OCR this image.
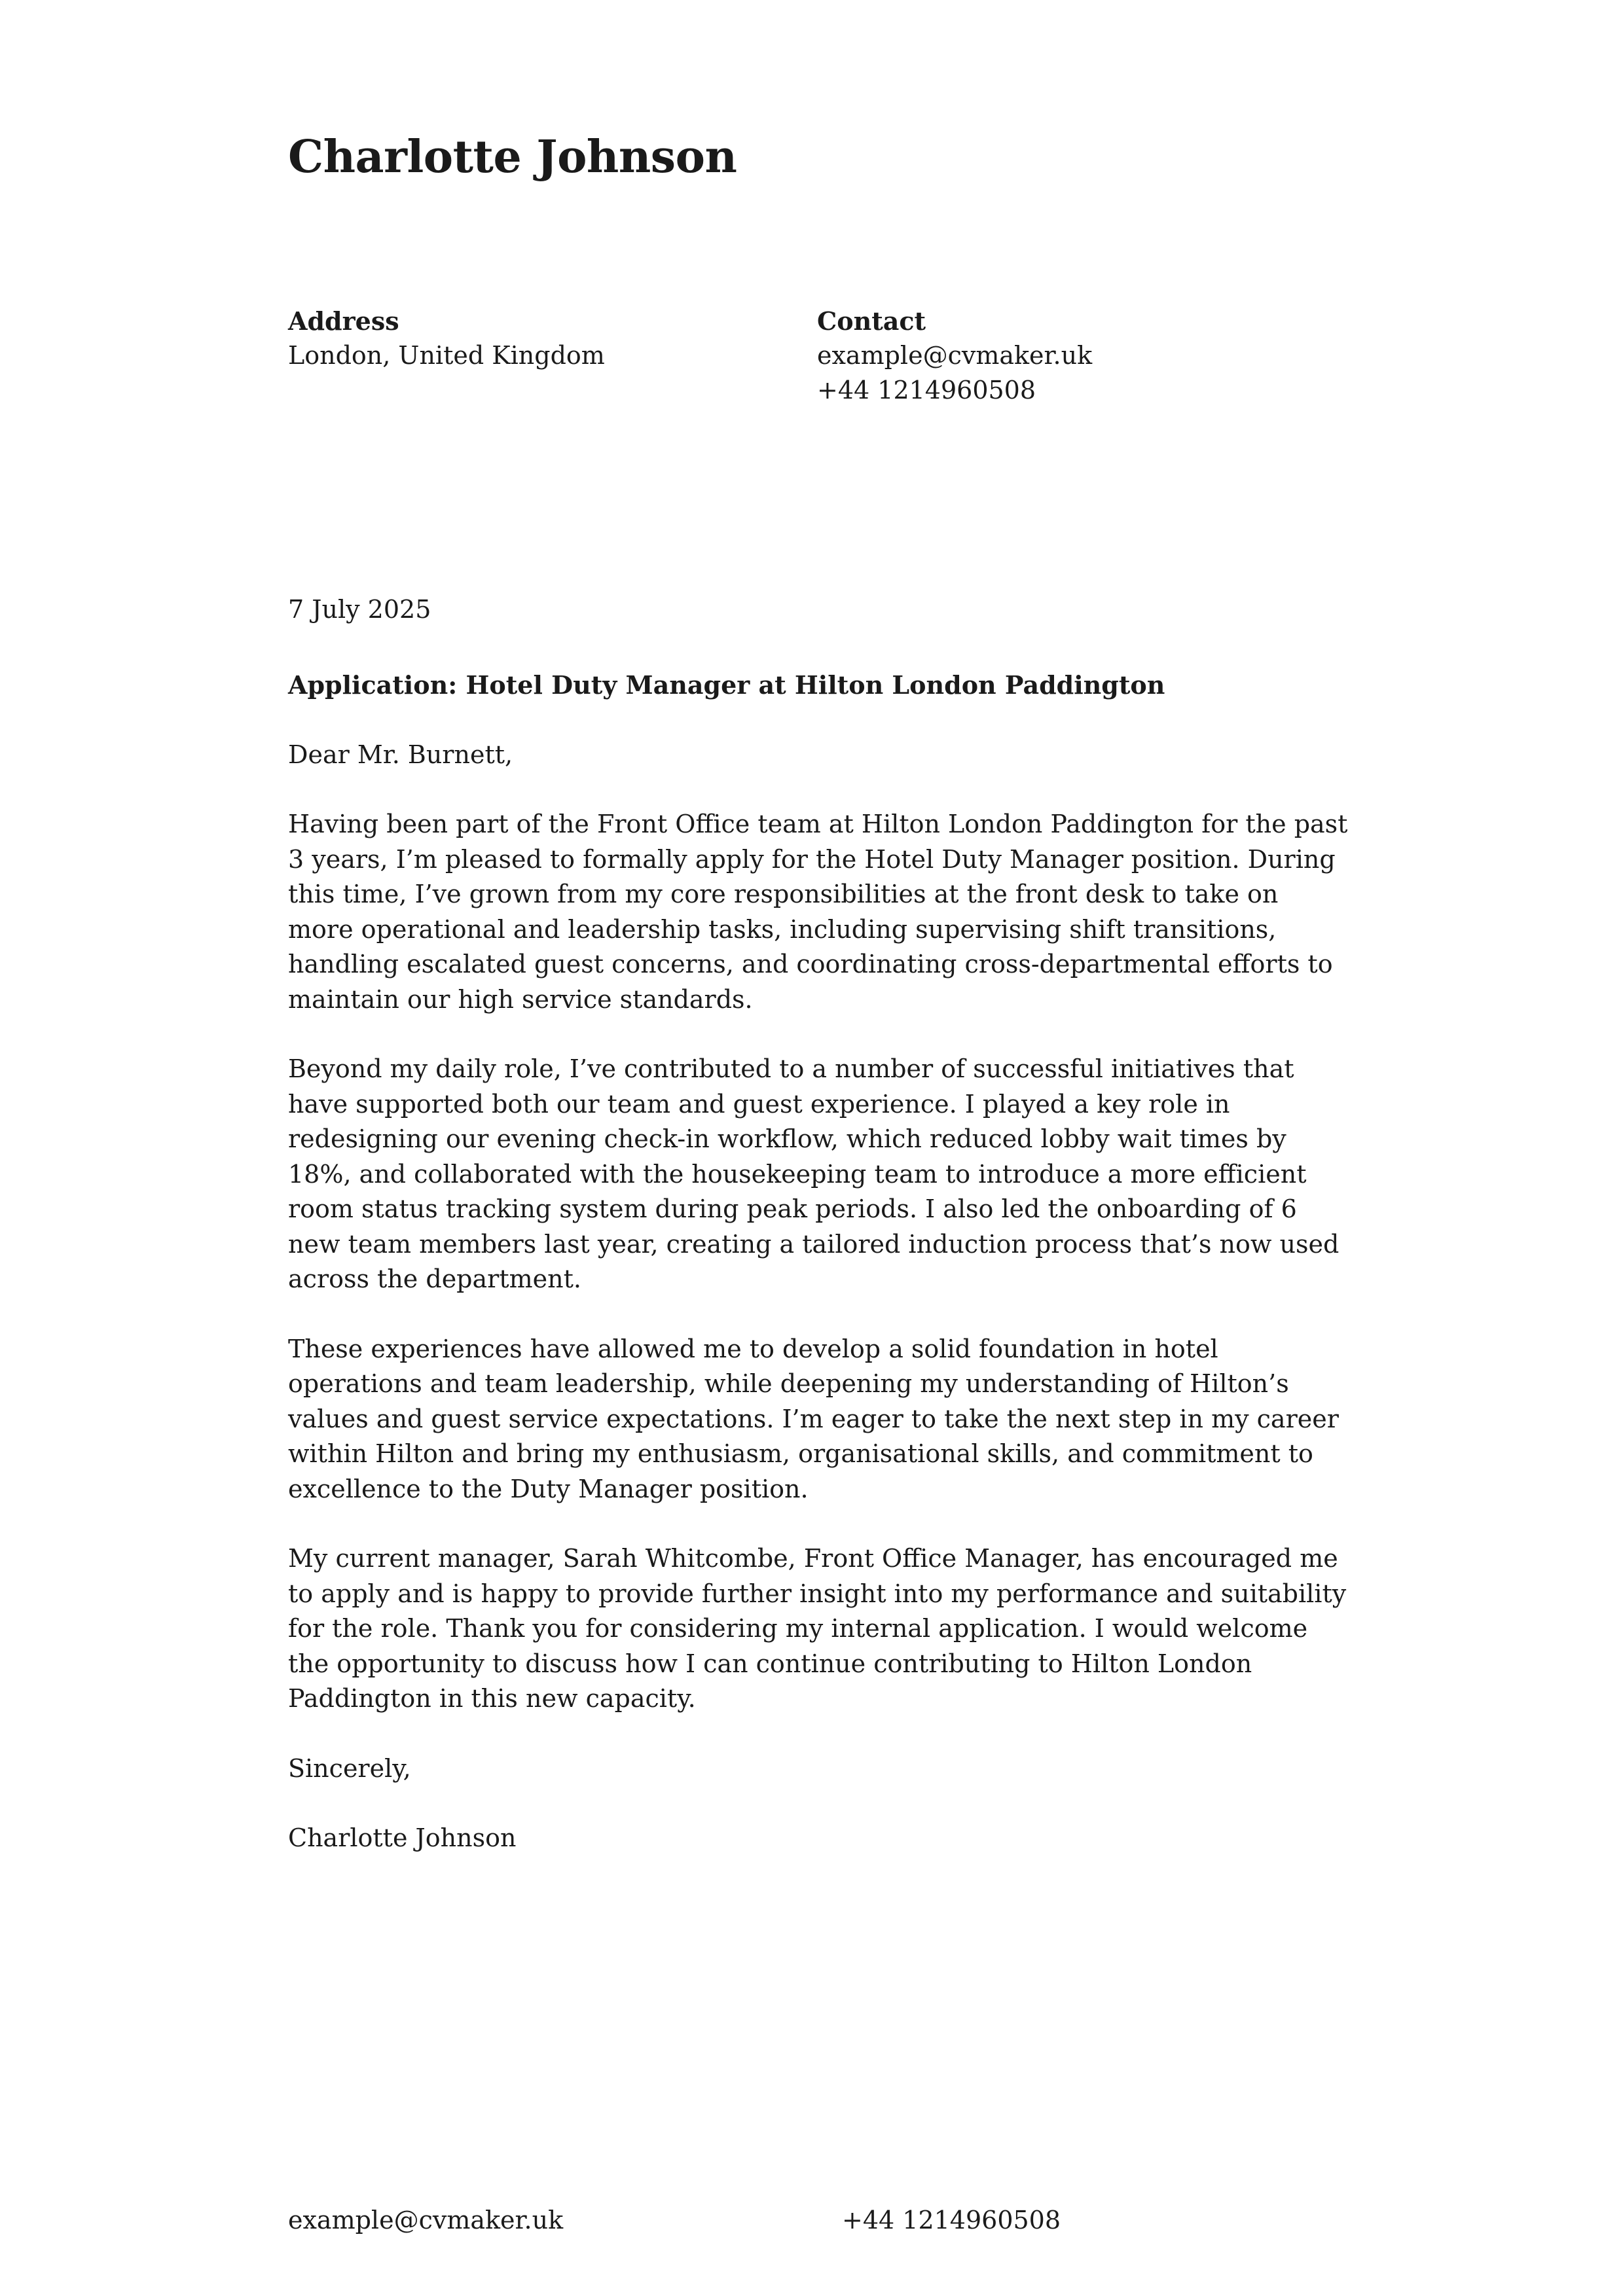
Charlotte Johnson
Address
London, United Kingdom
Contact
example@cvmaker.uk
+44 1214960508
7 July 2025

Application: Hotel Duty Manager at Hilton London Paddington

Dear Mr. Burnett,

Having been part of the Front Office team at Hilton London Paddington for the past 3 years, I’m pleased to formally apply for the Hotel Duty Manager position. During this time, I’ve grown from my core responsibilities at the front desk to take on more operational and leadership tasks, including supervising shift transitions, handling escalated guest concerns, and coordinating cross-departmental efforts to maintain our high service standards.

Beyond my daily role, I’ve contributed to a number of successful initiatives that have supported both our team and guest experience. I played a key role in redesigning our evening check-in workflow, which reduced lobby wait times by 18%, and collaborated with the housekeeping team to introduce a more efficient room status tracking system during peak periods. I also led the onboarding of 6 new team members last year, creating a tailored induction process that’s now used across the department.

These experiences have allowed me to develop a solid foundation in hotel operations and team leadership, while deepening my understanding of Hilton’s values and guest service expectations. I’m eager to take the next step in my career within Hilton and bring my enthusiasm, organisational skills, and commitment to excellence to the Duty Manager position.

My current manager, Sarah Whitcombe, Front Office Manager, has encouraged me to apply and is happy to provide further insight into my performance and suitability for the role. Thank you for considering my internal application. I would welcome the opportunity to discuss how I can continue contributing to Hilton London Paddington in this new capacity.

Sincerely,

Charlotte Johnson

example@cvmaker.uk	+44 1214960508
